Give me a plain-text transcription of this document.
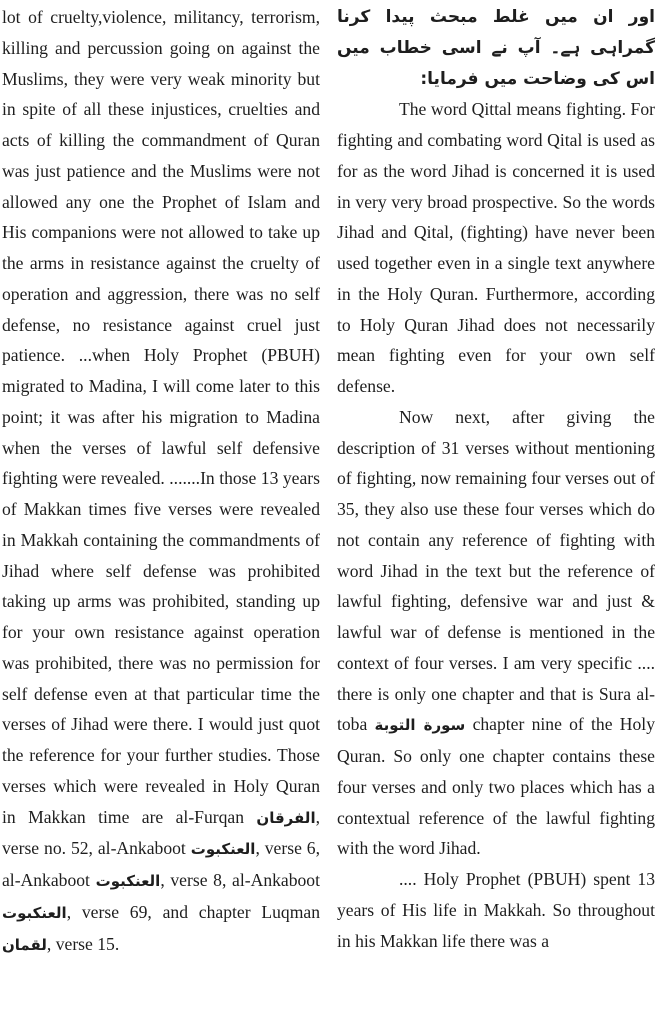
lot of cruelty,violence, militancy, terrorism, killing and percussion going on against the Muslims, they were very weak minority but in spite of all these injustices, cruelties and acts of killing the commandment of Quran was just patience and the Muslims were not allowed any one the Prophet of Islam and His companions were not allowed to take up the arms in resistance against the cruelty of operation and aggression, there was no self defense, no resistance against cruel just patience. ...when Holy Prophet (PBUH) migrated to Madina, I will come later to this point; it was after his migration to Madina when the verses of lawful self defensive fighting were revealed. .......In those 13 years of Makkan times five verses were revealed in Makkah containing the commandments of Jihad where self defense was prohibited taking up arms was prohibited, standing up for your own resistance against operation was prohibited, there was no permission for self defense even at that particular time the verses of Jihad were there. I would just quot the reference for your further studies. Those verses which were revealed in Holy Quran in Makkan time are al-Furqan الفرقان, verse no. 52, al-Ankaboot العنكبوت, verse 6, al-Ankaboot العنكبوت, verse 8, al-Ankaboot العنكبوت, verse 69, and chapter Luqman لقمان, verse 15.

اور ان میں غلط مبحث پیدا کرنا گمراہی ہے۔ آپ نے اسی خطاب میں اس کی وضاحت میں فرمایا:

The word Qittal means fighting. For fighting and combating word Qital is used as for as the word Jihad is concerned it is used in very very broad prospective. So the words Jihad and Qital, (fighting) have never been used together even in a single text anywhere in the Holy Quran. Furthermore, according to Holy Quran Jihad does not necessarily mean fighting even for your own self defense.

Now next, after giving the description of 31 verses without mentioning of fighting, now remaining four verses out of 35, they also use these four verses which do not contain any reference of fighting with word Jihad in the text but the reference of lawful fighting, defensive war and just & lawful war of defense is mentioned in the context of four verses. I am very specific .... there is only one chapter and that is Sura al-toba سورة التوبة chapter nine of the Holy Quran. So only one chapter contains these four verses and only two places which has a contextual reference of the lawful fighting with the word Jihad.

.... Holy Prophet (PBUH) spent 13 years of His life in Makkah. So throughout in his Makkan life there was a
